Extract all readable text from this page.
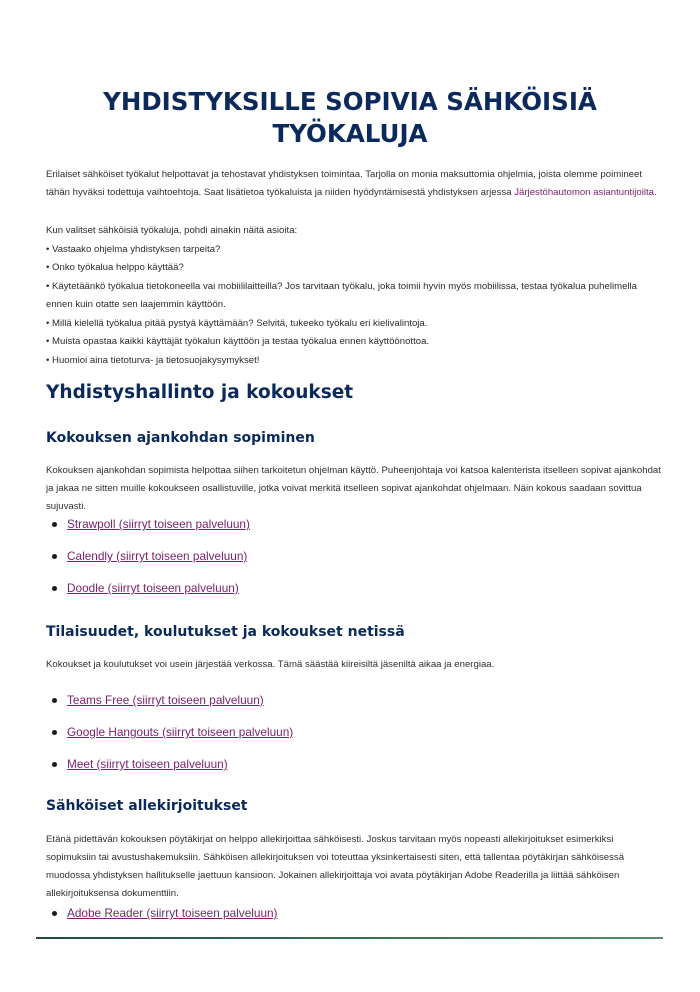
YHDISTYKSILLE SOPIVIA SÄHKÖISIÄ
TYÖKALUJA

Erilaiset sähköiset työkalut helpottavat ja tehostavat yhdistyksen toimintaa. Tarjolla on monia maksuttomia ohjelmia, joista olemme poimineet tähän hyväksi todettuja vaihtoehtoja. Saat lisätietoa työkaluista ja niiden hyödyntämisestä yhdistyksen arjessa Järjestöhautomon asiantuntijoilta.

Kun valitset sähköisiä työkaluja, pohdi ainakin näitä asioita:
• Vastaako ohjelma yhdistyksen tarpeita?
• Onko työkalua helppo käyttää?
• Käytetäänkö työkalua tietokoneella vai mobiililaitteilla? Jos tarvitaan työkalu, joka toimii hyvin myös mobiilissa, testaa työkalua puhelimella ennen kuin otatte sen laajemmin käyttöön.
• Millä kielellä työkalua pitää pystyä käyttämään? Selvitä, tukeeko työkalu eri kielivalintoja.
• Muista opastaa kaikki käyttäjät työkalun käyttöön ja testaa työkalua ennen käyttöönottoa.
• Huomioi aina tietoturva- ja tietosuojakysymykset!
Yhdistyshallinto ja kokoukset
Kokouksen ajankohdan sopiminen

Kokouksen ajankohdan sopimista helpottaa siihen tarkoitetun ohjelman käyttö. Puheenjohtaja voi katsoa kalenterista itselleen sopivat ajankohdat ja jakaa ne sitten muille kokoukseen osallistuville, jotka voivat merkitä itselleen sopivat ajankohdat ohjelmaan. Näin kokous saadaan sovittua sujuvasti.

Strawpoll (siirryt toiseen palveluun)
Calendly (siirryt toiseen palveluun)
Doodle (siirryt toiseen palveluun)
Tilaisuudet, koulutukset ja kokoukset netissä

Kokoukset ja koulutukset voi usein järjestää verkossa. Tämä säästää kiireisiltä jäseniltä aikaa ja energiaa.

Teams Free (siirryt toiseen palveluun)
Google Hangouts (siirryt toiseen palveluun)
Meet (siirryt toiseen palveluun)
Sähköiset allekirjoitukset

Etänä pidettävän kokouksen pöytäkirjat on helppo allekirjoittaa sähköisesti. Joskus tarvitaan myös nopeasti allekirjoitukset esimerkiksi sopimuksiin tai avustushakemuksiin. Sähköisen allekirjoituksen voi toteuttaa yksinkertaisesti siten, että tallentaa pöytäkirjan sähköisessä muodossa yhdistyksen hallitukselle jaettuun kansioon. Jokainen allekirjoittaja voi avata pöytäkirjan Adobe Readerilla ja liittää sähköisen allekirjoituksensa dokumenttiin.

Adobe Reader (siirryt toiseen palveluun)
